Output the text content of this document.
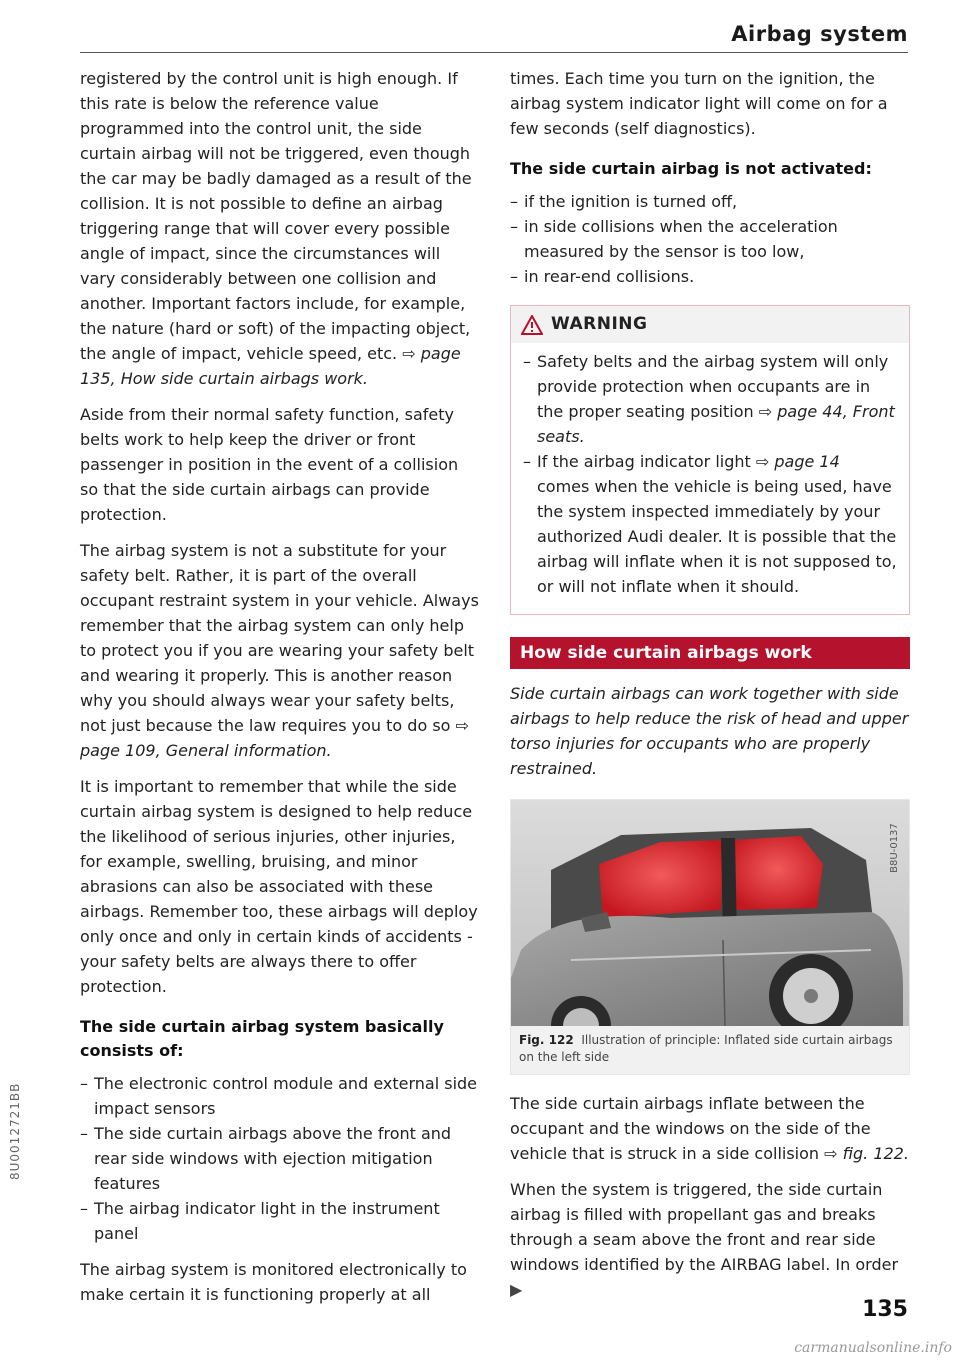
Airbag system

registered by the control unit is high enough. If this rate is below the reference value programmed into the control unit, the side curtain airbag will not be triggered, even though the car may be badly damaged as a result of the collision. It is not possible to define an airbag triggering range that will cover every possible angle of impact, since the circumstances will vary considerably between one collision and another. Important factors include, for example, the nature (hard or soft) of the impacting object, the angle of impact, vehicle speed, etc. ⇨ page 135, How side curtain airbags work.

Aside from their normal safety function, safety belts work to help keep the driver or front passenger in position in the event of a collision so that the side curtain airbags can provide protection.

The airbag system is not a substitute for your safety belt. Rather, it is part of the overall occupant restraint system in your vehicle. Always remember that the airbag system can only help to protect you if you are wearing your safety belt and wearing it properly. This is another reason why you should always wear your safety belts, not just because the law requires you to do so ⇨ page 109, General information.

It is important to remember that while the side curtain airbag system is designed to help reduce the likelihood of serious injuries, other injuries, for example, swelling, bruising, and minor abrasions can also be associated with these airbags. Remember too, these airbags will deploy only once and only in certain kinds of accidents - your safety belts are always there to offer protection.

The side curtain airbag system basically consists of:
– The electronic control module and external side impact sensors
– The side curtain airbags above the front and rear side windows with ejection mitigation features
– The airbag indicator light in the instrument panel

The airbag system is monitored electronically to make certain it is functioning properly at all

times. Each time you turn on the ignition, the airbag system indicator light will come on for a few seconds (self diagnostics).

The side curtain airbag is not activated:
– if the ignition is turned off,
– in side collisions when the acceleration measured by the sensor is too low,
– in rear-end collisions.
WARNING
– Safety belts and the airbag system will only provide protection when occupants are in the proper seating position ⇨ page 44, Front seats.
– If the airbag indicator light ⇨ page 14 comes when the vehicle is being used, have the system inspected immediately by your authorized Audi dealer. It is possible that the airbag will inflate when it is not supposed to, or will not inflate when it should.
How side curtain airbags work

Side curtain airbags can work together with side airbags to help reduce the risk of head and upper torso injuries for occupants who are properly restrained.

B8U-0137
Fig. 122 Illustration of principle: Inflated side curtain airbags on the left side

The side curtain airbags inflate between the occupant and the windows on the side of the vehicle that is struck in a side collision ⇨ fig. 122.

When the system is triggered, the side curtain airbag is filled with propellant gas and breaks through a seam above the front and rear side windows identified by the AIRBAG label. In order ▶

135
8U0012721BB
carmanualsonline.info
